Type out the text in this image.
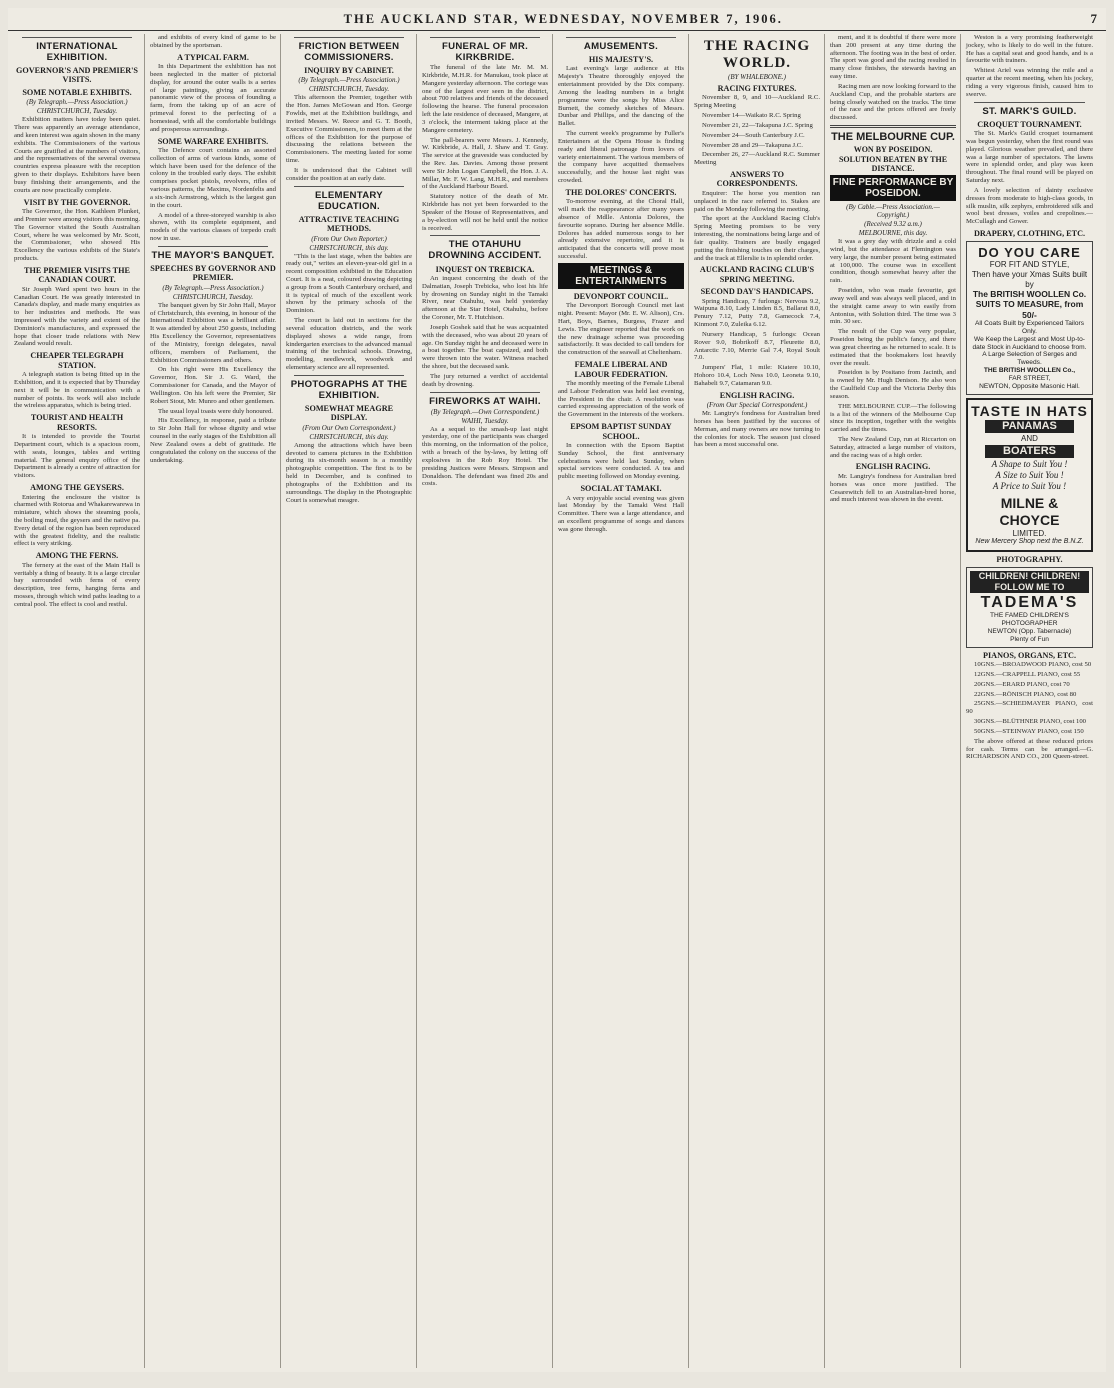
THE AUCKLAND STAR, WEDNESDAY, NOVEMBER 7, 1906.	7
INTERNATIONAL EXHIBITION.
GOVERNOR'S AND PREMIER'S VISITS.
SOME NOTABLE EXHIBITS.
(By Telegraph.—Press Association.)
CHRISTCHURCH, Tuesday.

Exhibition matters have today been quiet. There was apparently an average attendance, and keen interest was again shown in the many exhibits. The Commissioners of the various Courts are gratified at the numbers of visitors, and the representatives of the several oversea countries express pleasure with the reception given to their displays. Exhibitors have been busy finishing their arrangements, and the courts are now practically complete.

VISIT BY THE GOVERNOR.

The Governor, the Hon. Kathleen Plunket, and Premier were among visitors this morning. The Governor visited the South Australian Court, where he was welcomed by Mr. Scott, the Commissioner, who showed His Excellency the various exhibits of the State's products.

THE PREMIER VISITS THE CANADIAN COURT.

Sir Joseph Ward spent two hours in the Canadian Court. He was greatly interested in Canada's display, and made many enquiries as to her industries and methods. He was impressed with the variety and extent of the Dominion's manufactures, and expressed the hope that closer trade relations with New Zealand would result.

CHEAPER TELEGRAPH STATION.

A telegraph station is being fitted up in the Exhibition, and it is expected that by Thursday next it will be in communication with a number of points. Its work will also include the wireless apparatus, which is being tried.

TOURIST AND HEALTH RESORTS.

It is intended to provide the Tourist Department court, which is a spacious room, with seats, lounges, tables and writing material. The general enquiry office of the Department is already a centre of attraction for visitors.

AMONG THE GEYSERS.

Entering the enclosure the visitor is charmed with Rotorua and Whakarewarewa in miniature, which shows the steaming pools, the boiling mud, the geysers and the native pa. Every detail of the region has been reproduced with the greatest fidelity, and the realistic effect is very striking.

AMONG THE FERNS.

The fernery at the east of the Main Hall is veritably a thing of beauty. It is a large circular bay surrounded with ferns of every description, tree ferns, hanging ferns and mosses, through which wind paths leading to a central pool. The effect is cool and restful.

and exhibits of every kind of game to be obtained by the sportsman.

A TYPICAL FARM.

In this Department the exhibition has not been neglected in the matter of pictorial display, for around the outer walls is a series of large paintings, giving an accurate panoramic view of the process of founding a farm, from the taking up of an acre of primeval forest to the perfecting of a homestead, with all the comfortable buildings and prosperous surroundings.

SOME WARFARE EXHIBITS.

The Defence court contains an assorted collection of arms of various kinds, some of which have been used for the defence of the colony in the troubled early days. The exhibit comprises pocket pistols, revolvers, rifles of various patterns, the Maxims, Nordenfelts and a six-inch Armstrong, which is the largest gun in the court.

A model of a three-storeyed warship is also shown, with its complete equipment, and models of the various classes of torpedo craft now in use.

THE MAYOR'S BANQUET.
SPEECHES BY GOVERNOR AND PREMIER.
(By Telegraph.—Press Association.)
CHRISTCHURCH, Tuesday.

The banquet given by Sir John Hall, Mayor of Christchurch, this evening, in honour of the International Exhibition was a brilliant affair. It was attended by about 250 guests, including His Excellency the Governor, representatives of the Ministry, foreign delegates, naval officers, members of Parliament, the Exhibition Commissioners and others.

On his right were His Excellency the Governor, Hon. Sir J. G. Ward, the Commissioner for Canada, and the Mayor of Wellington. On his left were the Premier, Sir Robert Stout, Mr. Munro and other gentlemen.

The usual loyal toasts were duly honoured.

His Excellency, in response, paid a tribute to Sir John Hall for whose dignity and wise counsel in the early stages of the Exhibition all New Zealand owes a debt of gratitude. He congratulated the colony on the success of the undertaking.

FRICTION BETWEEN COMMISSIONERS.
INQUIRY BY CABINET.
(By Telegraph.—Press Association.)
CHRISTCHURCH, Tuesday.

This afternoon the Premier, together with the Hon. James McGowan and Hon. George Fowlds, met at the Exhibition buildings, and invited Messrs. W. Reece and G. T. Booth, Executive Commissioners, to meet them at the offices of the Exhibition for the purpose of discussing the relations between the Commissioners. The meeting lasted for some time.

It is understood that the Cabinet will consider the position at an early date.

ELEMENTARY EDUCATION.
ATTRACTIVE TEACHING METHODS.
(From Our Own Reporter.)
CHRISTCHURCH, this day.

"This is the last stage, when the babies are ready out," writes an eleven-year-old girl in a recent composition exhibited in the Education Court. It is a neat, coloured drawing depicting a group from a South Canterbury orchard, and it is typical of much of the excellent work shown by the primary schools of the Dominion.

The court is laid out in sections for the several education districts, and the work displayed shows a wide range, from kindergarten exercises to the advanced manual training of the technical schools. Drawing, modelling, needlework, woodwork and elementary science are all represented.

PHOTOGRAPHS AT THE EXHIBITION.
SOMEWHAT MEAGRE DISPLAY.
(From Our Own Correspondent.)
CHRISTCHURCH, this day.

Among the attractions which have been devoted to camera pictures in the Exhibition during its six-month season is a monthly photographic competition. The first is to be held in December, and is confined to photographs of the Exhibition and its surroundings. The display in the Photographic Court is somewhat meagre.

FUNERAL OF MR. KIRKBRIDE.

The funeral of the late Mr. M. M. Kirkbride, M.H.R. for Manukau, took place at Mangere yesterday afternoon. The cortege was one of the largest ever seen in the district, about 700 relatives and friends of the deceased following the hearse. The funeral procession left the late residence of deceased, Mangere, at 3 o'clock, the interment taking place at the Mangere cemetery.

The pall-bearers were Messrs. J. Kennedy, W. Kirkbride, A. Hall, J. Shaw and T. Gray. The service at the graveside was conducted by the Rev. Jas. Davies. Among those present were Sir John Logan Campbell, the Hon. J. A. Millar, Mr. F. W. Lang, M.H.R., and members of the Auckland Harbour Board.

Statutory notice of the death of Mr. Kirkbride has not yet been forwarded to the Speaker of the House of Representatives, and a by-election will not be held until the notice is received.

THE OTAHUHU DROWNING ACCIDENT.
INQUEST ON TREBICKA.

An inquest concerning the death of the Dalmatian, Joseph Trebicka, who lost his life by drowning on Sunday night in the Tamaki River, near Otahuhu, was held yesterday afternoon at the Star Hotel, Otahuhu, before the Coroner, Mr. T. Hutchison.

Joseph Goshek said that he was acquainted with the deceased, who was about 20 years of age. On Sunday night he and deceased were in a boat together. The boat capsized, and both were thrown into the water. Witness reached the shore, but the deceased sank.

The jury returned a verdict of accidental death by drowning.

FIREWORKS AT WAIHI.
(By Telegraph.—Own Correspondent.)
WAIHI, Tuesday.

As a sequel to the smash-up last night yesterday, one of the participants was charged this morning, on the information of the police, with a breach of the by-laws, by letting off explosives in the Rob Roy Hotel. The presiding Justices were Messrs. Simpson and Donaldson. The defendant was fined 20s and costs.

AMUSEMENTS.
HIS MAJESTY'S.

Last evening's large audience at His Majesty's Theatre thoroughly enjoyed the entertainment provided by the Dix company. Among the leading numbers in a bright programme were the songs by Miss Alice Burnett, the comedy sketches of Messrs. Dunbar and Phillips, and the dancing of the Ballet.

The current week's programme by Fuller's Entertainers at the Opera House is finding ready and liberal patronage from lovers of variety entertainment. The various members of the company have acquitted themselves successfully, and the house last night was crowded.

THE DOLORES' CONCERTS.

To-morrow evening, at the Choral Hall, will mark the reappearance after many years absence of Mdlle. Antonia Dolores, the favourite soprano. During her absence Mdlle. Dolores has added numerous songs to her already extensive repertoire, and it is anticipated that the concerts will prove most successful.

MEETINGS & ENTERTAINMENTS
DEVONPORT COUNCIL.

The Devonport Borough Council met last night. Present: Mayor (Mr. E. W. Alison), Crs. Hart, Boys, Barnes, Burgess, Frazer and Lewis. The engineer reported that the work on the new drainage scheme was proceeding satisfactorily. It was decided to call tenders for the construction of the seawall at Cheltenham.

FEMALE LIBERAL AND LABOUR FEDERATION.

The monthly meeting of the Female Liberal and Labour Federation was held last evening, the President in the chair. A resolution was carried expressing appreciation of the work of the Government in the interests of the workers.

EPSOM BAPTIST SUNDAY SCHOOL.

In connection with the Epsom Baptist Sunday School, the first anniversary celebrations were held last Sunday, when special services were conducted. A tea and public meeting followed on Monday evening.

SOCIAL AT TAMAKI.

A very enjoyable social evening was given last Monday by the Tamaki West Hall Committee. There was a large attendance, and an excellent programme of songs and dances was gone through.

THE RACING WORLD.
(BY WHALEBONE.)
RACING FIXTURES.

November 8, 9, and 10—Auckland R.C. Spring Meeting

November 14—Waikato R.C. Spring

November 21, 22—Takapuna J.C. Spring

November 24—South Canterbury J.C.

November 28 and 29—Takapuna J.C.

December 26, 27—Auckland R.C. Summer Meeting

ANSWERS TO CORRESPONDENTS.

Enquirer: The horse you mention ran unplaced in the race referred to. Stakes are paid on the Monday following the meeting.

The sport at the Auckland Racing Club's Spring Meeting promises to be very interesting, the nominations being large and of fair quality. Trainers are busily engaged putting the finishing touches on their charges, and the track at Ellerslie is in splendid order.

AUCKLAND RACING CLUB'S SPRING MEETING.
SECOND DAY'S HANDICAPS.

Spring Handicap, 7 furlongs: Nervous 9.2, Waipuna 8.10, Lady Linden 8.5, Ballarat 8.0, Penury 7.12, Putty 7.8, Gamecock 7.4, Kinmont 7.0, Zuleika 6.12.

Nursery Handicap, 5 furlongs: Ocean Rover 9.0, Bobrikoff 8.7, Fleurette 8.0, Antarctic 7.10, Merrie Gal 7.4, Royal Soult 7.0.

Jumpers' Flat, 1 mile: Kiatere 10.10, Hohoro 10.4, Loch Ness 10.0, Leoneta 9.10, Bahabeli 9.7, Catamaran 9.0.

ENGLISH RACING.
(From Our Special Correspondent.)

Mr. Langtry's fondness for Australian bred horses has been justified by the success of Merman, and many owners are now turning to the colonies for stock. The season just closed has been a most successful one.

ment, and it is doubtful if there were more than 200 present at any time during the afternoon. The footing was in the best of order. The sport was good and the racing resulted in many close finishes, the stewards having an easy time.

Racing men are now looking forward to the Auckland Cup, and the probable starters are being closely watched on the tracks. The time of the race and the prices offered are freely discussed.

THE MELBOURNE CUP.
WON BY POSEIDON.
SOLUTION BEATEN BY THE DISTANCE.
FINE PERFORMANCE BY POSEIDON.
(By Cable.—Press Association.—Copyright.)
(Received 9.32 a.m.)
MELBOURNE, this day.

It was a grey day with drizzle and a cold wind, but the attendance at Flemington was very large, the number present being estimated at 100,000. The course was in excellent condition, though somewhat heavy after the rain.

Poseidon, who was made favourite, got away well and was always well placed, and in the straight came away to win easily from Antonius, with Solution third. The time was 3 min. 30 sec.

The result of the Cup was very popular, Poseidon being the public's fancy, and there was great cheering as he returned to scale. It is estimated that the bookmakers lost heavily over the result.

Poseidon is by Positano from Jacinth, and is owned by Mr. Hugh Denison. He also won the Caulfield Cup and the Victoria Derby this season.

THE MELBOURNE CUP.—The following is a list of the winners of the Melbourne Cup since its inception, together with the weights carried and the times.

The New Zealand Cup, run at Riccarton on Saturday, attracted a large number of visitors, and the racing was of a high order.

ENGLISH RACING.

Mr. Langtry's fondness for Australian bred horses was once more justified. The Cesarewitch fell to an Australian-bred horse, and much interest was shown in the event.

Weston is a very promising featherweight jockey, who is likely to do well in the future. He has a capital seat and good hands, and is a favourite with trainers.

Whitest Ariel was winning the mile and a quarter at the recent meeting, when his jockey, riding a very vigorous finish, caused him to swerve.

ST. MARK'S GUILD.
CROQUET TOURNAMENT.

The St. Mark's Guild croquet tournament was begun yesterday, when the first round was played. Glorious weather prevailed, and there was a large number of spectators. The lawns were in splendid order, and play was keen throughout. The final round will be played on Saturday next.

A lovely selection of dainty exclusive dresses from moderate to high-class goods, in silk muslin, silk zephyrs, embroidered silk and wool best dresses, voiles and crepolines.—McCullagh and Gower.

DRAPERY, CLOTHING, ETC.
DO YOU CARE
FOR FIT AND STYLE,
Then have your Xmas Suits built
by
The BRITISH WOOLLEN Co.
SUITS TO MEASURE, from 50/-
All Coats Built by Experienced Tailors Only.
We Keep the Largest and Most Up-to-date Stock in Auckland to choose from.
A Large Selection of Serges and Tweeds.
THE BRITISH WOOLLEN Co.,
FAR STREET,
NEWTON, Opposite Masonic Hall.
TASTE IN HATS
PANAMAS
AND
BOATERS
A Shape to Suit You !
A Size to Suit You !
A Price to Suit You !
MILNE & CHOYCE
LIMITED.
New Mercery Shop next the B.N.Z.
PHOTOGRAPHY.
CHILDREN! CHILDREN!
FOLLOW ME TO
TADEMA'S
THE FAMED CHILDREN'S PHOTOGRAPHER
NEWTON (Opp. Tabernacle)
Plenty of Fun
PIANOS, ORGANS, ETC.

10GNS.—BROADWOOD PIANO, cost 50

12GNS.—CRAPPELL PIANO, cost 55

20GNS.—ERARD PIANO, cost 70

22GNS.—RÖNISCH PIANO, cost 80

25GNS.—SCHIEDMAYER PIANO, cost 90

30GNS.—BLÜTHNER PIANO, cost 100

50GNS.—STEINWAY PIANO, cost 150

The above offered at these reduced prices for cash. Terms can be arranged.—G. RICHARDSON AND CO., 200 Queen-street.
